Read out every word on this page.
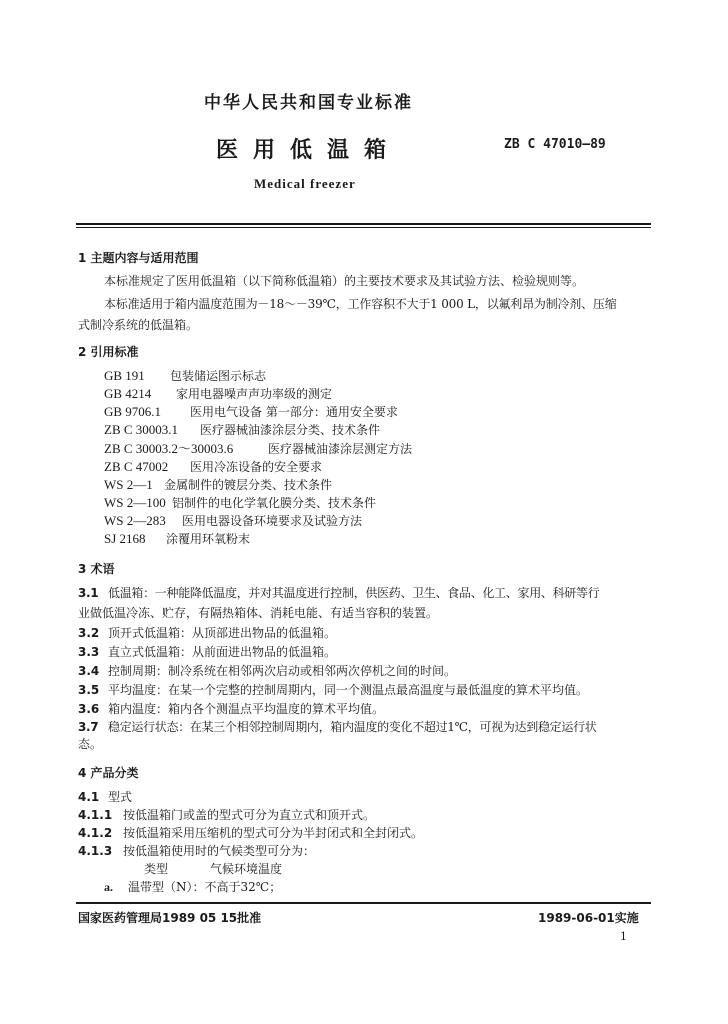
中华人民共和国专业标准
医用低温箱	ZB C 47010—89
Medical freezer
1 主题内容与适用范围
本标准规定了医用低温箱（以下简称低温箱）的主要技术要求及其试验方法、检验规则等。
本标准适用于箱内温度范围为－18～－39℃，工作容积不大于1 000 L，以氟利昂为制冷剂、压缩
式制冷系统的低温箱。
2 引用标准
GB 191 包装储运图示标志
GB 4214 家用电器噪声声功率级的测定
GB 9706.1 医用电气设备 第一部分：通用安全要求
ZB C 30003.1 医疗器械油漆涂层分类、技术条件
ZB C 30003.2～30003.6	医疗器械油漆涂层测定方法
ZB C 47002 医用冷冻设备的安全要求
WS 2—1 金属制件的镀层分类、技术条件
WS 2—100 铝制件的电化学氧化膜分类、技术条件
WS 2—283 医用电器设备环境要求及试验方法
SJ 2168 涂覆用环氧粉末
3 术语
3.1 低温箱：一种能降低温度，并对其温度进行控制，供医药、卫生、食品、化工、家用、科研等行
业做低温冷冻、贮存，有隔热箱体、消耗电能、有适当容积的装置。
3.2 顶开式低温箱：从顶部进出物品的低温箱。
3.3 直立式低温箱：从前面进出物品的低温箱。
3.4 控制周期：制冷系统在相邻两次启动或相邻两次停机之间的时间。
3.5 平均温度：在某一个完整的控制周期内，同一个测温点最高温度与最低温度的算术平均值。
3.6 箱内温度：箱内各个测温点平均温度的算术平均值。
3.7 稳定运行状态：在某三个相邻控制周期内，箱内温度的变化不超过1℃，可视为达到稳定运行状
态。
4 产品分类
4.1 型式
4.1.1 按低温箱门或盖的型式可分为直立式和顶开式。
4.1.2 按低温箱采用压缩机的型式可分为半封闭式和全封闭式。
4.1.3 按低温箱使用时的气候类型可分为：
类型	气候环境温度
a. 温带型（N）：不高于32℃；
国家医药管理局1989 05 15批准	1989-06-01实施
1
